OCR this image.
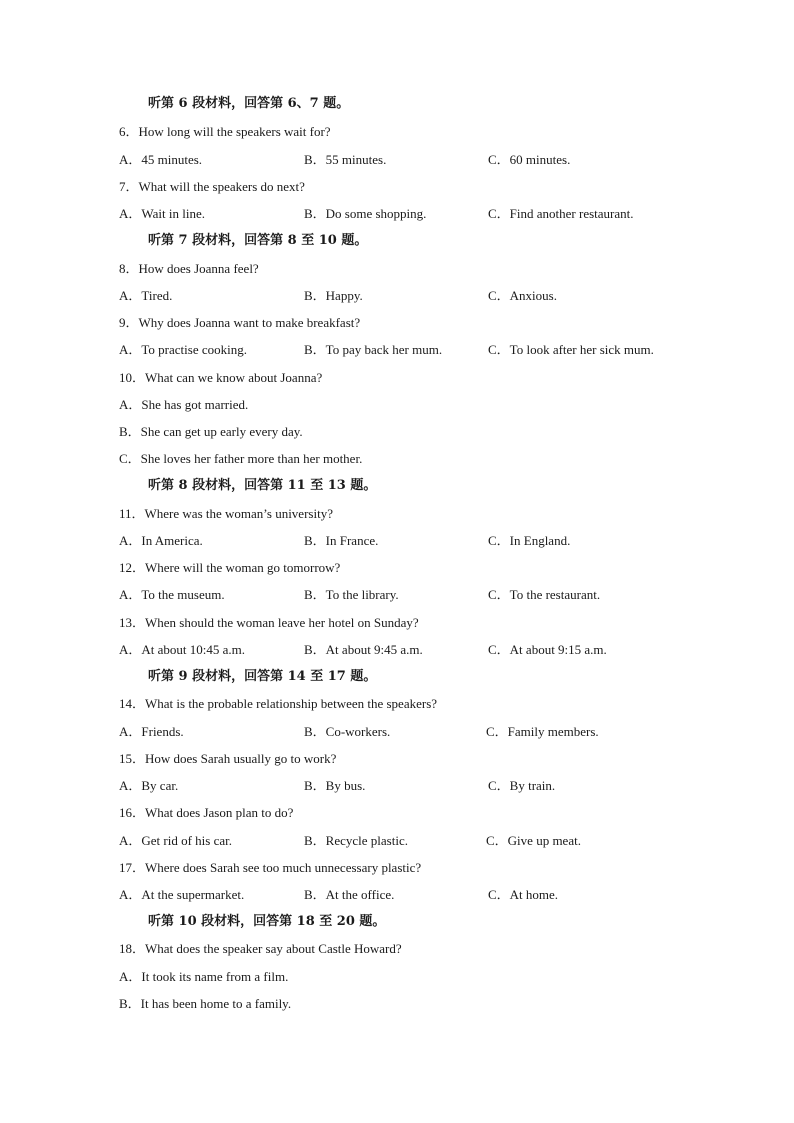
听第 6 段材料，回答第 6、7 题。
6．How long will the speakers wait for?
A．45 minutes.	B．55 minutes.	C．60 minutes.
7．What will the speakers do next?
A．Wait in line.	B．Do some shopping.	C．Find another restaurant.
听第 7 段材料，回答第 8 至 10 题。
8．How does Joanna feel?
A．Tired.	B．Happy.	C．Anxious.
9．Why does Joanna want to make breakfast?
A．To practise cooking.	B．To pay back her mum.	C．To look after her sick mum.
10．What can we know about Joanna?
A．She has got married.
B．She can get up early every day.
C．She loves her father more than her mother.
听第 8 段材料，回答第 11 至 13 题。
11．Where was the woman’s university?
A．In America.	B．In France.	C．In England.
12．Where will the woman go tomorrow?
A．To the museum.	B．To the library.	C．To the restaurant.
13．When should the woman leave her hotel on Sunday?
A．At about 10:45 a.m.	B．At about 9:45 a.m.	C．At about 9:15 a.m.
听第 9 段材料，回答第 14 至 17 题。
14．What is the probable relationship between the speakers?
A．Friends.	B．Co-workers.	C．Family members.
15．How does Sarah usually go to work?
A．By car.	B．By bus.	C．By train.
16．What does Jason plan to do?
A．Get rid of his car.	B．Recycle plastic.	C．Give up meat.
17．Where does Sarah see too much unnecessary plastic?
A．At the supermarket.	B．At the office.	C．At home.
听第 10 段材料，回答第 18 至 20 题。
18．What does the speaker say about Castle Howard?
A．It took its name from a film.
B．It has been home to a family.
